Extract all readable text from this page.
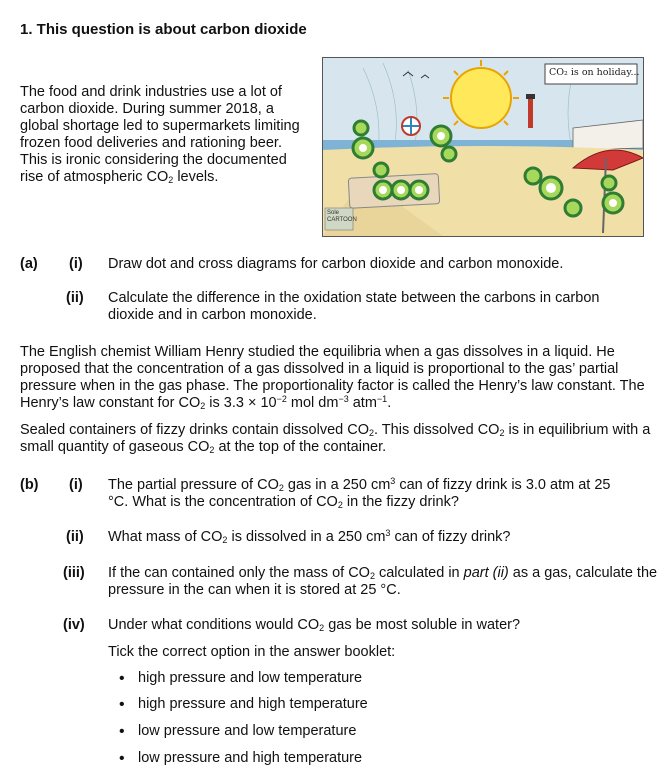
1. This question is about carbon dioxide
The food and drink industries use a lot of carbon dioxide. During summer 2018, a global shortage led to supermarkets limiting frozen food deliveries and rationing beer. This is ironic considering the documented rise of atmospheric $CO_2$ levels.
CO₂ is on holiday...
Sole
CARTOON
(a) (i) Draw dot and cross diagrams for carbon dioxide and carbon monoxide.
(ii) Calculate the difference in the oxidation state between the carbons in carbon dioxide and in carbon monoxide.
The English chemist William Henry studied the equilibria when a gas dissolves in a liquid. He proposed that the concentration of a gas dissolved in a liquid is proportional to the gas’ partial pressure when in the gas phase. The proportionality factor is called the Henry’s law constant. The Henry’s law constant for $CO_2$ is $3.3 \times 10^{-2}$ mol $dm^{-3}$ atm$^{-1}$.
Sealed containers of fizzy drinks contain dissolved $CO_2$. This dissolved $CO_2$ is in equilibrium with a small quantity of gaseous $CO_2$ at the top of the container.
(b) (i) The partial pressure of $CO_2$ gas in a 250 $cm^3$ can of fizzy drink is 3.0 atm at 25 °C. What is the concentration of $CO_2$ in the fizzy drink?
(ii) What mass of $CO_2$ is dissolved in a 250 $cm^3$ can of fizzy drink?
(iii) If the can contained only the mass of $CO_2$ calculated in part (ii) as a gas, calculate the pressure in the can when it is stored at 25 °C.
(iv) Under what conditions would $CO_2$ gas be most soluble in water?
Tick the correct option in the answer booklet:
• high pressure and low temperature
• high pressure and high temperature
• low pressure and low temperature
• low pressure and high temperature
